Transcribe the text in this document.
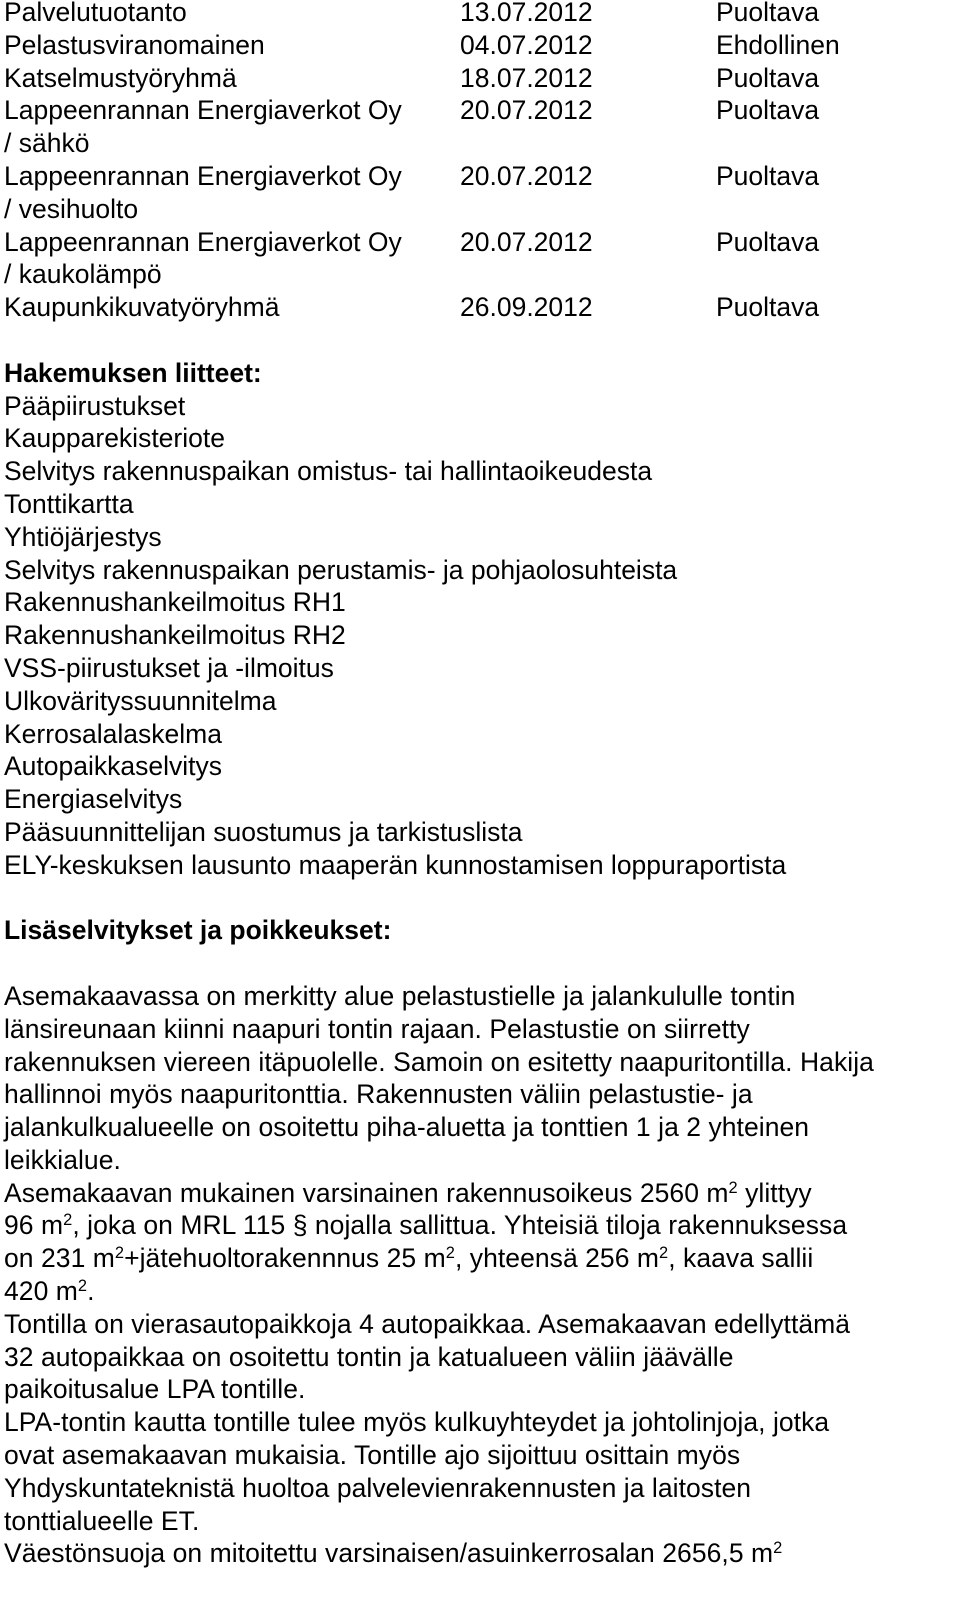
Palvelutuotanto	13.07.2012	Puoltava
Pelastusviranomainen	04.07.2012	Ehdollinen
Katselmustyöryhmä	18.07.2012	Puoltava
Lappeenrannan Energiaverkot Oy
/ sähkö
20.07.2012	Puoltava
Lappeenrannan Energiaverkot Oy
/ vesihuolto
20.07.2012	Puoltava
Lappeenrannan Energiaverkot Oy
/ kaukolämpö
20.07.2012	Puoltava
Kaupunkikuvatyöryhmä	26.09.2012	Puoltava
Hakemuksen liitteet:
Pääpiirustukset
Kaupparekisteriote
Selvitys rakennuspaikan omistus- tai hallintaoikeudesta
Tonttikartta
Yhtiöjärjestys
Selvitys rakennuspaikan perustamis- ja pohjaolosuhteista
Rakennushankeilmoitus RH1
Rakennushankeilmoitus RH2
VSS-piirustukset ja -ilmoitus
Ulkovärityssuunnitelma
Kerrosalalaskelma
Autopaikkaselvitys
Energiaselvitys
Pääsuunnittelijan suostumus ja tarkistuslista
ELY-keskuksen lausunto maaperän kunnostamisen loppuraportista
Lisäselvitykset ja poikkeukset:
Asemakaavassa on merkitty alue pelastustielle ja jalankululle tontin
länsireunaan kiinni naapuri tontin rajaan. Pelastustie on siirretty
rakennuksen viereen itäpuolelle. Samoin on esitetty naapuritontilla. Hakija
hallinnoi myös naapuritonttia. Rakennusten väliin pelastustie- ja
jalankulkualueelle on osoitettu piha-aluetta ja tonttien 1 ja 2 yhteinen
leikkialue.
Asemakaavan mukainen varsinainen rakennusoikeus 2560 $m^2$ ylittyy
96 $m^2$, joka on MRL 115 § nojalla sallittua. Yhteisiä tiloja rakennuksessa
on 231 $m^2+jätehuoltorakennnus$ 25 $m^2$, yhteensä 256 $m^2$, kaava sallii
420 $m^2$.
Tontilla on vierasautopaikkoja 4 autopaikkaa. Asemakaavan edellyttämä
32 autopaikkaa on osoitettu tontin ja katualueen väliin jäävälle
paikoitusalue LPA tontille.
LPA-tontin kautta tontille tulee myös kulkuyhteydet ja johtolinjoja, jotka
ovat asemakaavan mukaisia. Tontille ajo sijoittuu osittain myös
Yhdyskuntateknistä huoltoa palvelevienrakennusten ja laitosten
tonttialueelle ET.
Väestönsuoja on mitoitettu varsinaisen/asuinkerrosalan 2656,5 $m^2$
